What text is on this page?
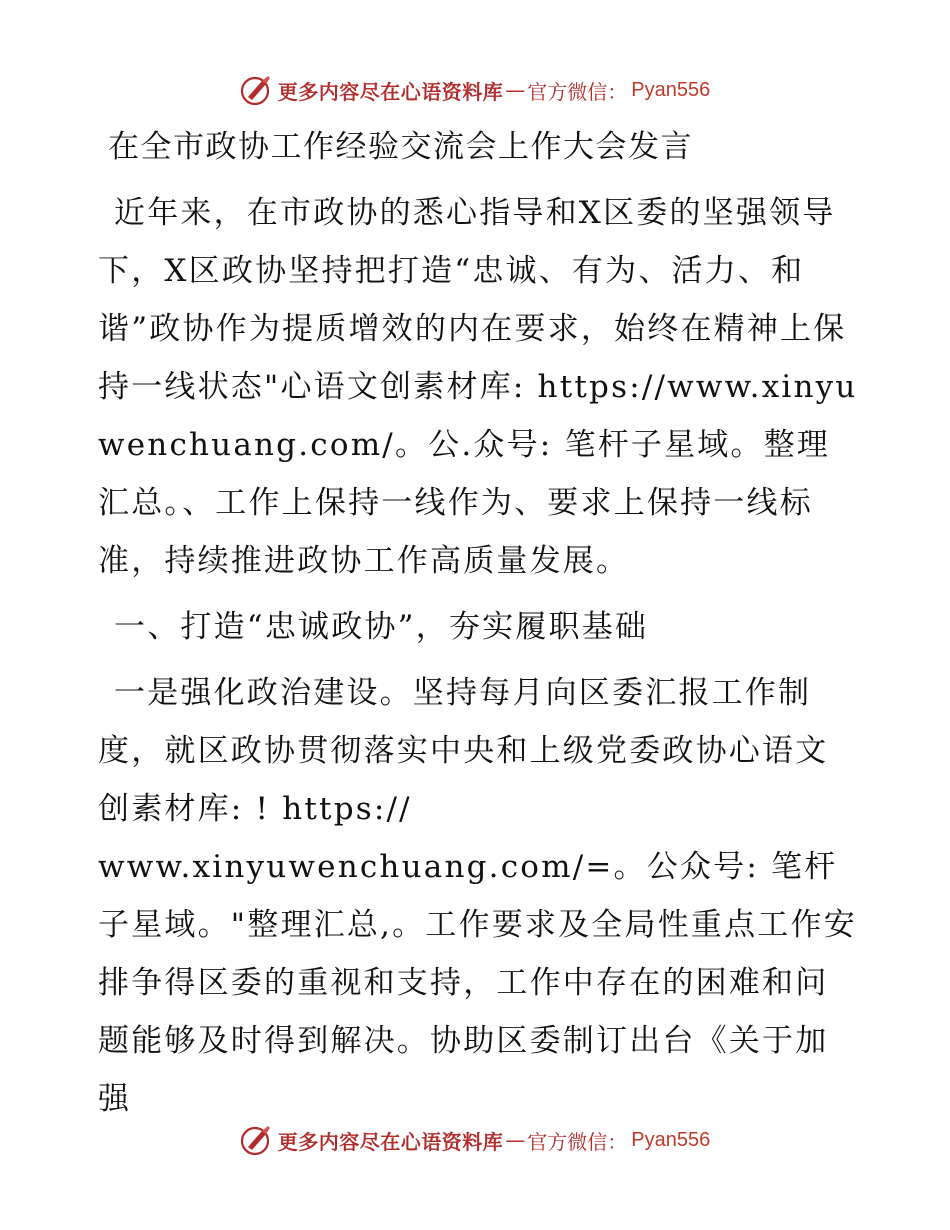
更多内容尽在心语资料库 — 官方微信： Pyan556

在全市政协工作经验交流会上作大会发言

近年来，在市政协的悉心指导和X区委的坚强领导下，X区政协坚持把打造“忠诚、有为、活力、和谐”政协作为提质增效的内在要求，始终在精神上保持一线状态"心语文创素材库: https://www.xinyuwenchuang.com/。公.众号: 笔杆子星域。整理汇总。、工作上保持一线作为、要求上保持一线标准，持续推进政协工作高质量发展。

一、打造“忠诚政协”，夯实履职基础

一是强化政治建设。坚持每月向区委汇报工作制度，就区政协贯彻落实中央和上级党委政协心语文创素材库: ! https://

www.xinyuwenchuang.com/=。公众号: 笔杆子星域。"整理汇总,。工作要求及全局性重点工作安排争得区委的重视和支持，工作中存在的困难和问题能够及时得到解决。协助区委制订出台《关于加强

更多内容尽在心语资料库 — 官方微信： Pyan556
